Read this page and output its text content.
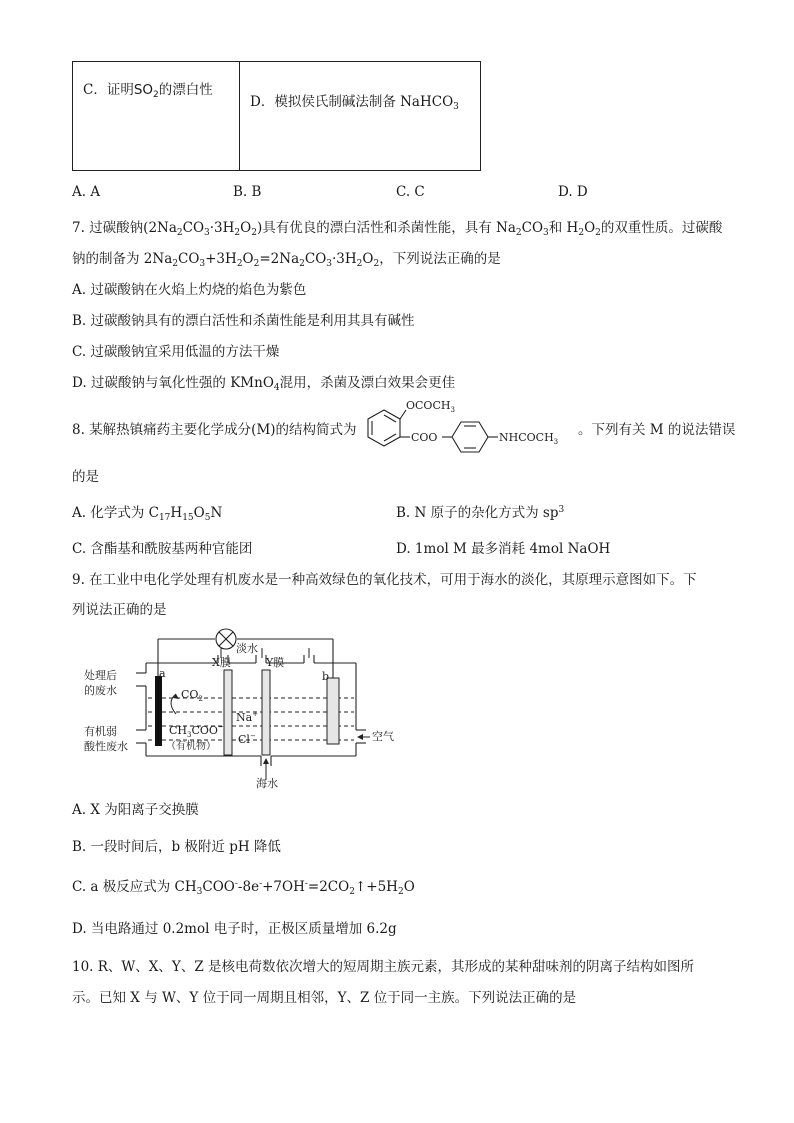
C．证明$SO_2$的漂白性	D．模拟侯氏制碱法制备 NaHCO$_3$
A. A	B. B	C. C	D. D
7. 过碳酸钠$(2Na_2CO_3\cdot 3H_2O_2)$具有优良的漂白活性和杀菌性能，具有 $Na_2CO_3$和 $H_2O_2$的双重性质。过碳酸
钠的制备为 $2Na_2CO_3+3H_2O_2=2Na_2CO_3\cdot 3H_2O_2$，下列说法正确的是
A. 过碳酸钠在火焰上灼烧的焰色为紫色
B. 过碳酸钠具有的漂白活性和杀菌性能是利用其具有碱性
C. 过碳酸钠宜采用低温的方法干燥
D. 过碳酸钠与氧化性强的 KMnO$_4$混用，杀菌及漂白效果会更佳
8. 某解热镇痛药主要化学成分(M)的结构简式为
$OCOCH_3$
COO	$NHCOCH_3$
。下列有关 M 的说法错误
的是
A. 化学式为 $C_{17}H_{15}O_5N$	B. N 原子的杂化方式为 $sp^3$
C. 含酯基和酰胺基两种官能团	D. 1mol M 最多消耗 4mol NaOH
9. 在工业中电化学处理有机废水是一种高效绿色的氧化技术，可用于海水的淡化，其原理示意图如下。下
列说法正确的是
淡水
X膜	Y膜
a	b
处理后
的废水
有机弱
酸性废水
$CO_2$
Na+
$CH_3COO^-$
Cl−
（有机物）
空气
海水
A. X 为阳离子交换膜
B. 一段时间后，b 极附近 pH 降低
C. a 极反应式为 $CH_3COO^--8e^-+7OH^-=2CO_2↑+5H_2O$
D. 当电路通过 0.2mol 电子时，正极区质量增加 6.2g
10. R、W、X、Y、Z 是核电荷数依次增大的短周期主族元素，其形成的某种甜味剂的阴离子结构如图所
示。已知 X 与 W、Y 位于同一周期且相邻，Y、Z 位于同一主族。下列说法正确的是
